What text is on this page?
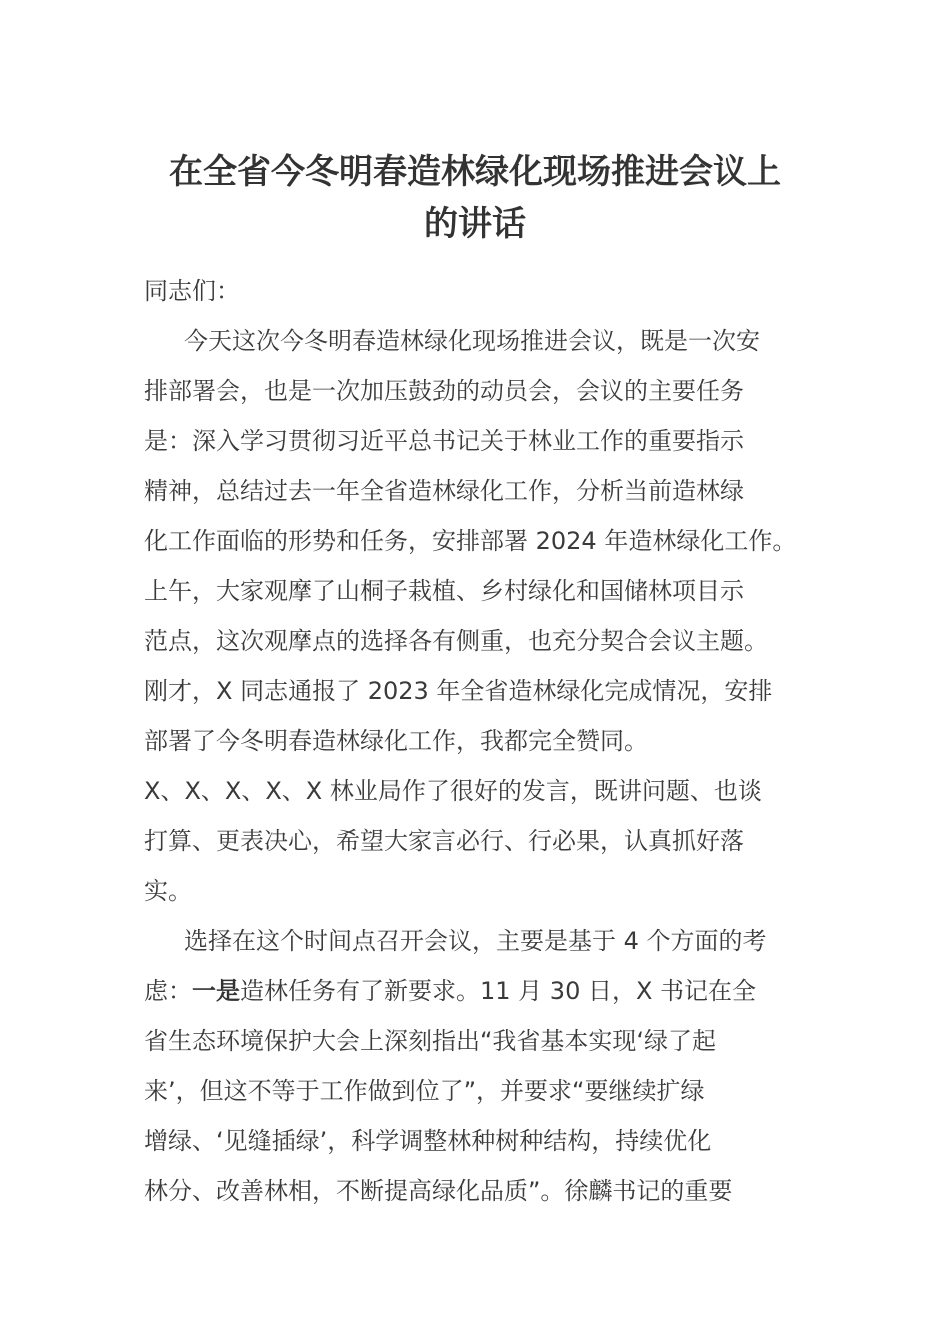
在全省今冬明春造林绿化现场推进会议上
的讲话
同志们：
今天这次今冬明春造林绿化现场推进会议，既是一次安
排部署会，也是一次加压鼓劲的动员会，会议的主要任务
是：深入学习贯彻习近平总书记关于林业工作的重要指示
精神，总结过去一年全省造林绿化工作，分析当前造林绿
化工作面临的形势和任务，安排部署 2024 年造林绿化工作。
上午，大家观摩了山桐子栽植、乡村绿化和国储林项目示
范点，这次观摩点的选择各有侧重，也充分契合会议主题。
刚才，X 同志通报了 2023 年全省造林绿化完成情况，安排
部署了今冬明春造林绿化工作，我都完全赞同。
X、X、X、X、X 林业局作了很好的发言，既讲问题、也谈
打算、更表决心，希望大家言必行、行必果，认真抓好落
实。
选择在这个时间点召开会议，主要是基于 4 个方面的考
虑：一是造林任务有了新要求。11 月 30 日，X 书记在全
省生态环境保护大会上深刻指出“我省基本实现‘绿了起
来’，但这不等于工作做到位了”，并要求“要继续扩绿
增绿、‘见缝插绿’，科学调整林种树种结构，持续优化
林分、改善林相，不断提高绿化品质”。徐麟书记的重要
